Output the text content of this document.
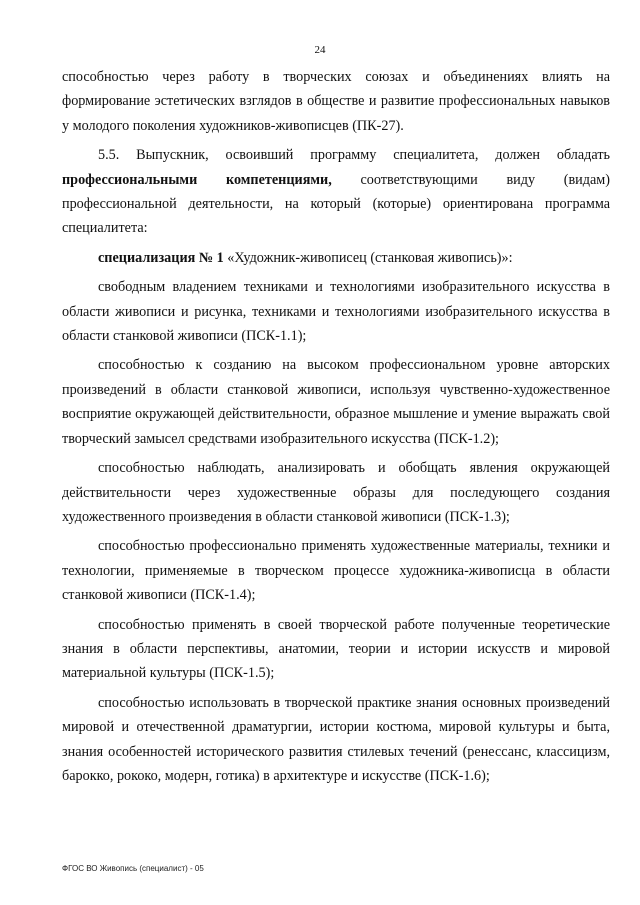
24

способностью через работу в творческих союзах и объединениях влиять на формирование эстетических взглядов в обществе и развитие профессиональных навыков у молодого поколения художников-живописцев (ПК-27).

5.5. Выпускник, освоивший программу специалитета, должен обладать профессиональными компетенциями, соответствующими виду (видам) профессиональной деятельности, на который (которые) ориентирована программа специалитета:

специализация № 1 «Художник-живописец (станковая живопись)»:

свободным владением техниками и технологиями изобразительного искусства в области живописи и рисунка, техниками и технологиями изобразительного искусства в области станковой живописи (ПСК-1.1);

способностью к созданию на высоком профессиональном уровне авторских произведений в области станковой живописи, используя чувственно-художественное восприятие окружающей действительности, образное мышление и умение выражать свой творческий замысел средствами изобразительного искусства (ПСК-1.2);

способностью наблюдать, анализировать и обобщать явления окружающей действительности через художественные образы для последующего создания художественного произведения в области станковой живописи (ПСК-1.3);

способностью профессионально применять художественные материалы, техники и технологии, применяемые в творческом процессе художника-живописца в области станковой живописи (ПСК-1.4);

способностью применять в своей творческой работе полученные теоретические знания в области перспективы, анатомии, теории и истории искусств и мировой материальной культуры (ПСК-1.5);

способностью использовать в творческой практике знания основных произведений мировой и отечественной драматургии, истории костюма, мировой культуры и быта, знания особенностей исторического развития стилевых течений (ренессанс, классицизм, барокко, рококо, модерн, готика) в архитектуре и искусстве (ПСК-1.6);

ФГОС ВО Живопись (специалист) - 05
